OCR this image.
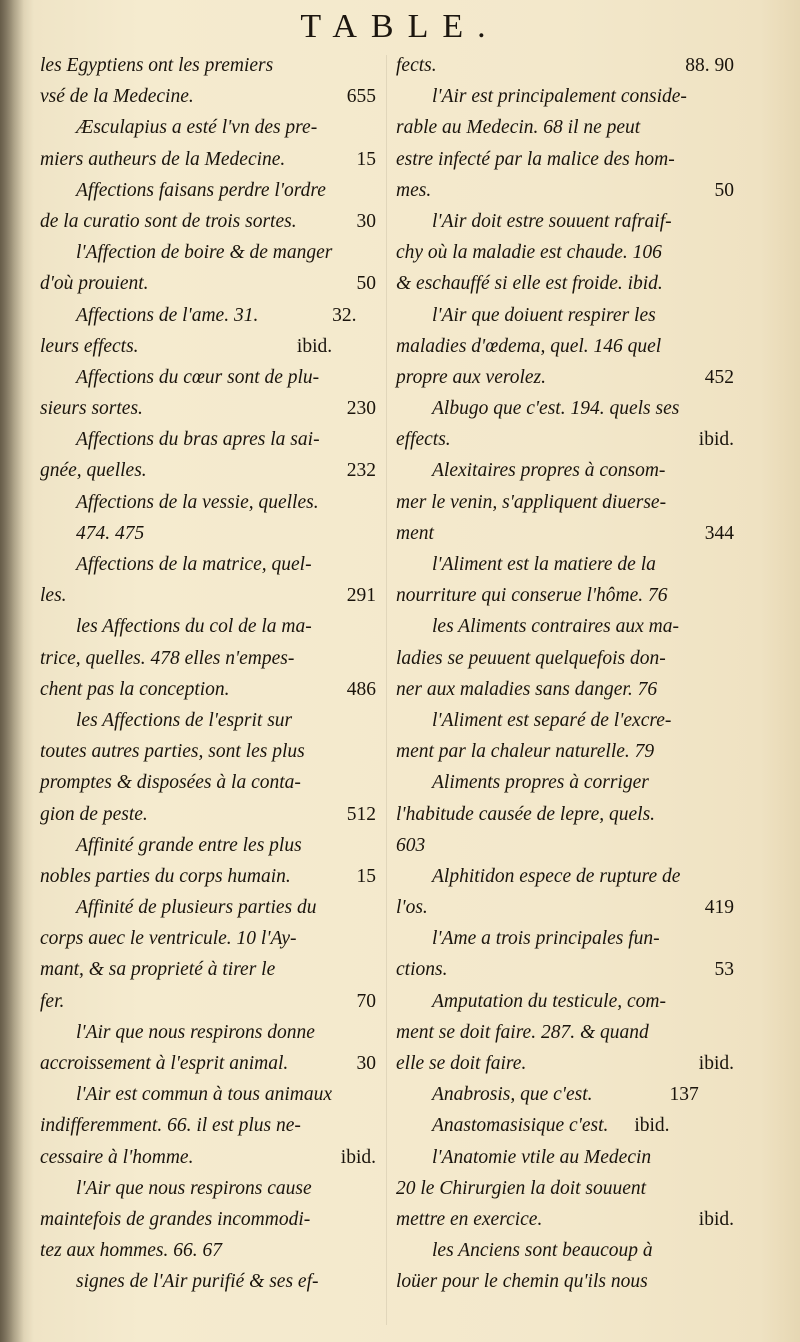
TABLE.
les Egyptiens ont les premiers
655
vsé de la Medecine.
Æsculapius a esté l'vn des pre-
15
miers autheurs de la Medecine.
Affections faisans perdre l'ordre
30
de la curatio sont de trois sortes.
l'Affection de boire & de manger
50
d'où prouient.
32.
Affections de l'ame. 31.
ibid.
leurs effects.
Affections du cœur sont de plu-
230
sieurs sortes.
Affections du bras apres la sai-
232
gnée, quelles.
Affections de la vessie, quelles.
474. 475
Affections de la matrice, quel-
291
les.
les Affections du col de la ma-
trice, quelles. 478 elles n'empes-
486
chent pas la conception.
les Affections de l'esprit sur
toutes autres parties, sont les plus
promptes & disposées à la conta-
512
gion de peste.
Affinité grande entre les plus
15
nobles parties du corps humain.
Affinité de plusieurs parties du
corps auec le ventricule. 10 l'Ay-
mant, & sa proprieté à tirer le
70
fer.
l'Air que nous respirons donne
30
accroissement à l'esprit animal.
l'Air est commun à tous animaux
indifferemment. 66. il est plus ne-
ibid.
cessaire à l'homme.
l'Air que nous respirons cause
maintefois de grandes incommodi-
tez aux hommes. 66. 67
signes de l'Air purifié & ses ef-
88. 90
fects.
l'Air est principalement conside-
rable au Medecin. 68 il ne peut
estre infecté par la malice des hom-
50
mes.
l'Air doit estre souuent rafraif-
chy où la maladie est chaude. 106
& eschauffé si elle est froide. ibid.
l'Air que doiuent respirer les
maladies d'œdema, quel. 146 quel
452
propre aux verolez.
Albugo que c'est. 194. quels ses
ibid.
effects.
Alexitaires propres à consom-
mer le venin, s'appliquent diuerse-
344
ment
l'Aliment est la matiere de la
nourriture qui conserue l'hôme. 76
les Aliments contraires aux ma-
ladies se peuuent quelquefois don-
ner aux maladies sans danger. 76
l'Aliment est separé de l'excre-
ment par la chaleur naturelle. 79
Aliments propres à corriger
l'habitude causée de lepre, quels.
603
Alphitidon espece de rupture de
419
l'os.
l'Ame a trois principales fun-
53
ctions.
Amputation du testicule, com-
ment se doit faire. 287. & quand
ibid.
elle se doit faire.
137
Anabrosis, que c'est.
ibid.
Anastomasisique c'est.
l'Anatomie vtile au Medecin
20 le Chirurgien la doit souuent
ibid.
mettre en exercice.
les Anciens sont beaucoup à
loüer pour le chemin qu'ils nous
